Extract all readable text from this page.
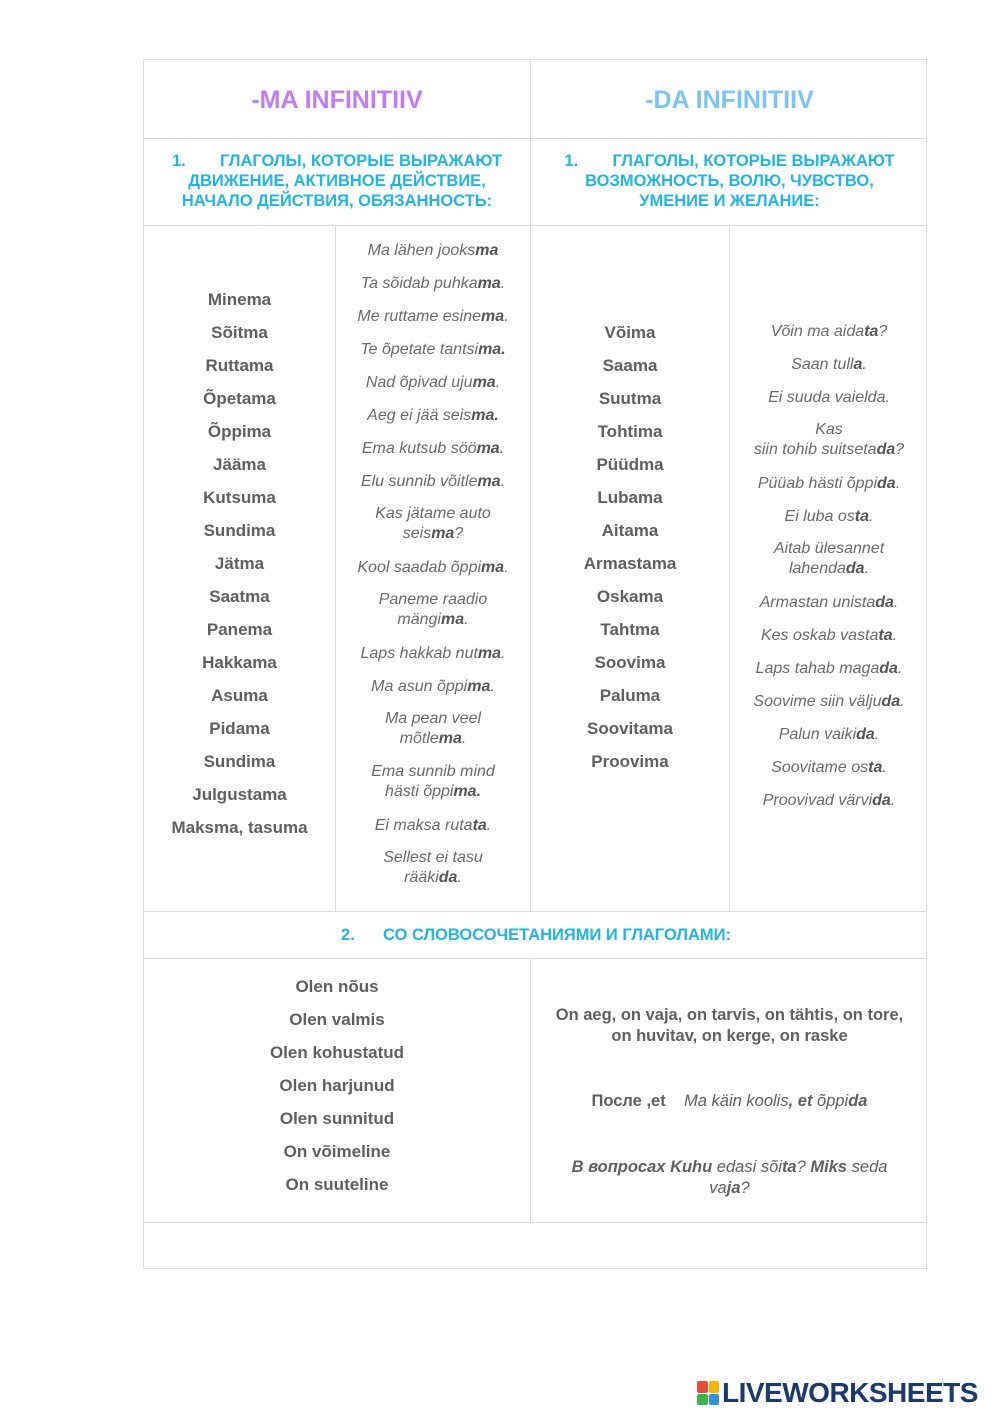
-MA INFINITIIV	-DA INFINITIIV
1. ГЛАГОЛЫ, КОТОРЫЕ ВЫРАЖАЮТ
ДВИЖЕНИЕ, АКТИВНОЕ ДЕЙСТВИЕ,
НАЧАЛО ДЕЙСТВИЯ, ОБЯЗАННОСТЬ:
1. ГЛАГОЛЫ, КОТОРЫЕ ВЫРАЖАЮТ
ВОЗМОЖНОСТЬ, ВОЛЮ, ЧУВСТВО,
УМЕНИЕ И ЖЕЛАНИЕ:
Minema
Sõitma
Ruttama
Õpetama
Õppima
Jääma
Kutsuma
Sundima
Jätma
Saatma
Panema
Hakkama
Asuma
Pidama
Sundima
Julgustama
Maksma, tasuma
Ma lähen jooksma
Ta sõidab puhkama.
Me ruttame esinema.
Te õpetate tantsima.
Nad õpivad ujuma.
Aeg ei jää seisma.
Ema kutsub sööma.
Elu sunnib võitlema.
Kas jätame auto
seisma?
Kool saadab õppima.
Paneme raadio
mängima.
Laps hakkab nutma.
Ma asun õppima.
Ma pean veel
mõtlema.
Ema sunnib mind
hästi õppima.
Ei maksa rutata.
Sellest ei tasu
rääkida.
Võima
Saama
Suutma
Tohtima
Püüdma
Lubama
Aitama
Armastama
Oskama
Tahtma
Soovima
Paluma
Soovitama
Proovima
Võin ma aidata?
Saan tulla.
Ei suuda vaielda.
Kas
siin tohib suitsetada?
Püüab hästi õppida.
Ei luba osta.
Aitab ülesannet
lahendada.
Armastan unistada.
Kes oskab vastata.
Laps tahab magada.
Soovime siin väljuda.
Palun vaikida.
Soovitame osta.
Proovivad värvida.
2. СО СЛОВОСОЧЕТАНИЯМИ И ГЛАГОЛАМИ:
Olen nõus
Olen valmis
Olen kohustatud
Olen harjunud
Olen sunnitud
On võimeline
On suuteline
On aeg, on vaja, on tarvis, on tähtis, on tore,
on huvitav, on kerge, on raske
После ,et Ma käin koolis, et õppida
В вопросах Kuhu edasi sõita? Miks seda
vaja?
LIVEWORKSHEETS
